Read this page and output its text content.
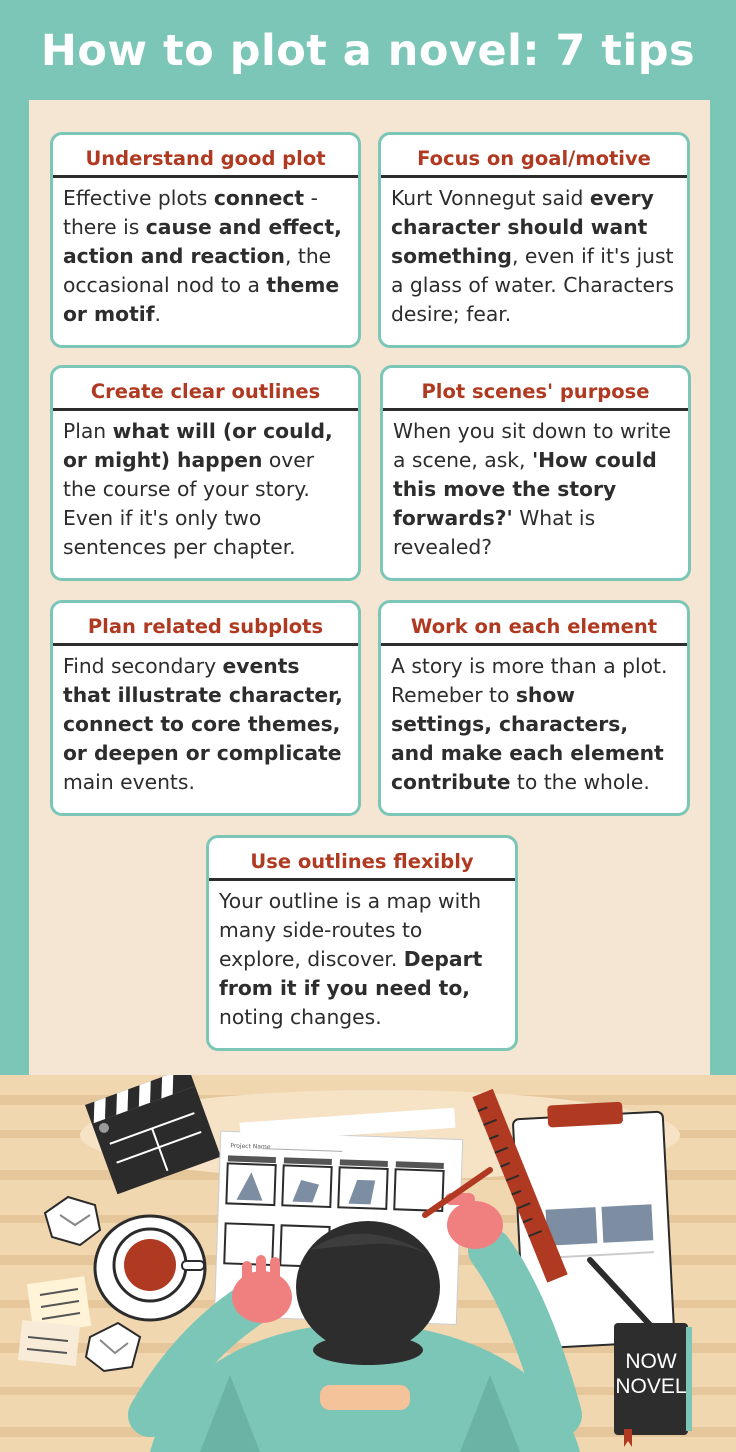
How to plot a novel: 7 tips
Understand good plot
Effective plots connect - there is cause and effect, action and reaction, the occasional nod to a theme or motif.
Focus on goal/motive
Kurt Vonnegut said every character should want something, even if it's just a glass of water. Characters desire; fear.
Create clear outlines
Plan what will (or could, or might) happen over the course of your story. Even if it's only two sentences per chapter.
Plot scenes' purpose
When you sit down to write a scene, ask, 'How could this move the story forwards?' What is revealed?
Plan related subplots
Find secondary events that illustrate character, connect to core themes, or deepen or complicate main events.
Work on each element
A story is more than a plot. Remeber to show settings, characters, and make each element contribute to the whole.
Use outlines flexibly
Your outline is a map with many side-routes to explore, discover. Depart from it if you need to, noting changes.
Project Name
NOW
NOVEL
